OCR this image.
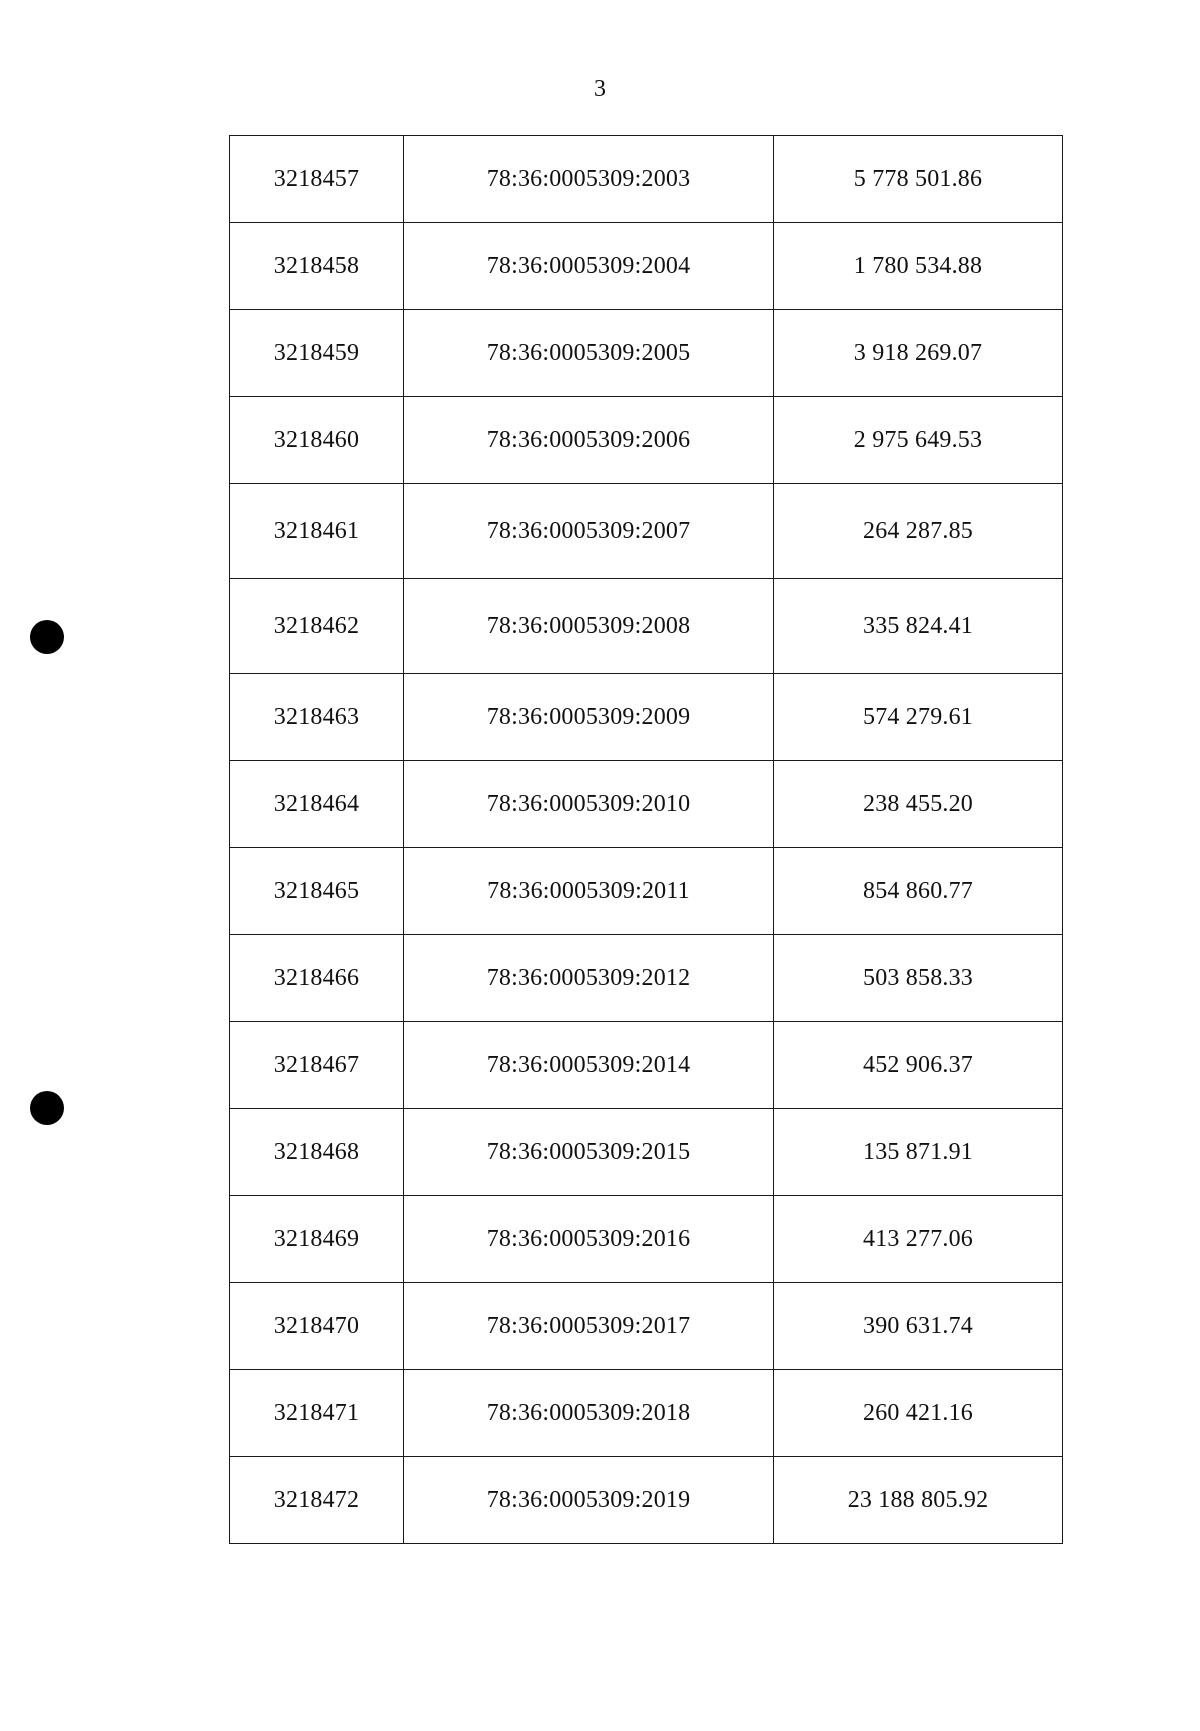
3
3218457	78:36:0005309:2003	5 778 501.86
3218458	78:36:0005309:2004	1 780 534.88
3218459	78:36:0005309:2005	3 918 269.07
3218460	78:36:0005309:2006	2 975 649.53
3218461	78:36:0005309:2007	264 287.85
3218462	78:36:0005309:2008	335 824.41
3218463	78:36:0005309:2009	574 279.61
3218464	78:36:0005309:2010	238 455.20
3218465	78:36:0005309:2011	854 860.77
3218466	78:36:0005309:2012	503 858.33
3218467	78:36:0005309:2014	452 906.37
3218468	78:36:0005309:2015	135 871.91
3218469	78:36:0005309:2016	413 277.06
3218470	78:36:0005309:2017	390 631.74
3218471	78:36:0005309:2018	260 421.16
3218472	78:36:0005309:2019	23 188 805.92
